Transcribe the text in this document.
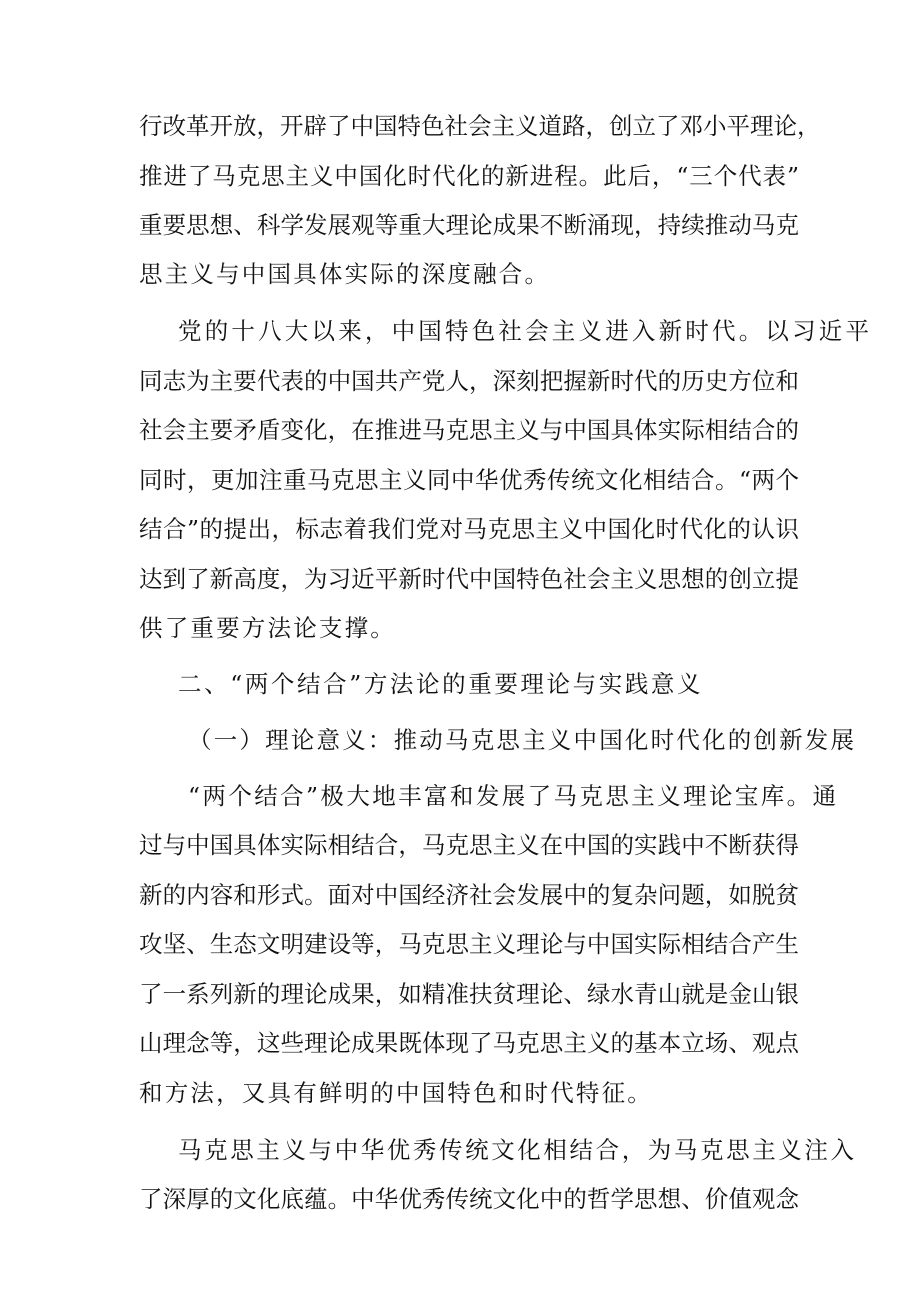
行改革开放，开辟了中国特色社会主义道路，创立了邓小平理论，
推进了马克思主义中国化时代化的新进程。此后，“三个代表”
重要思想、科学发展观等重大理论成果不断涌现，持续推动马克
思主义与中国具体实际的深度融合。
党的十八大以来，中国特色社会主义进入新时代。以习近平
同志为主要代表的中国共产党人，深刻把握新时代的历史方位和
社会主要矛盾变化，在推进马克思主义与中国具体实际相结合的
同时，更加注重马克思主义同中华优秀传统文化相结合。“两个
结合”的提出，标志着我们党对马克思主义中国化时代化的认识
达到了新高度，为习近平新时代中国特色社会主义思想的创立提
供了重要方法论支撑。
二、“两个结合”方法论的重要理论与实践意义
（一）理论意义：推动马克思主义中国化时代化的创新发展
“两个结合”极大地丰富和发展了马克思主义理论宝库。通
过与中国具体实际相结合，马克思主义在中国的实践中不断获得
新的内容和形式。面对中国经济社会发展中的复杂问题，如脱贫
攻坚、生态文明建设等，马克思主义理论与中国实际相结合产生
了一系列新的理论成果，如精准扶贫理论、绿水青山就是金山银
山理念等，这些理论成果既体现了马克思主义的基本立场、观点
和方法，又具有鲜明的中国特色和时代特征。
马克思主义与中华优秀传统文化相结合，为马克思主义注入
了深厚的文化底蕴。中华优秀传统文化中的哲学思想、价值观念
